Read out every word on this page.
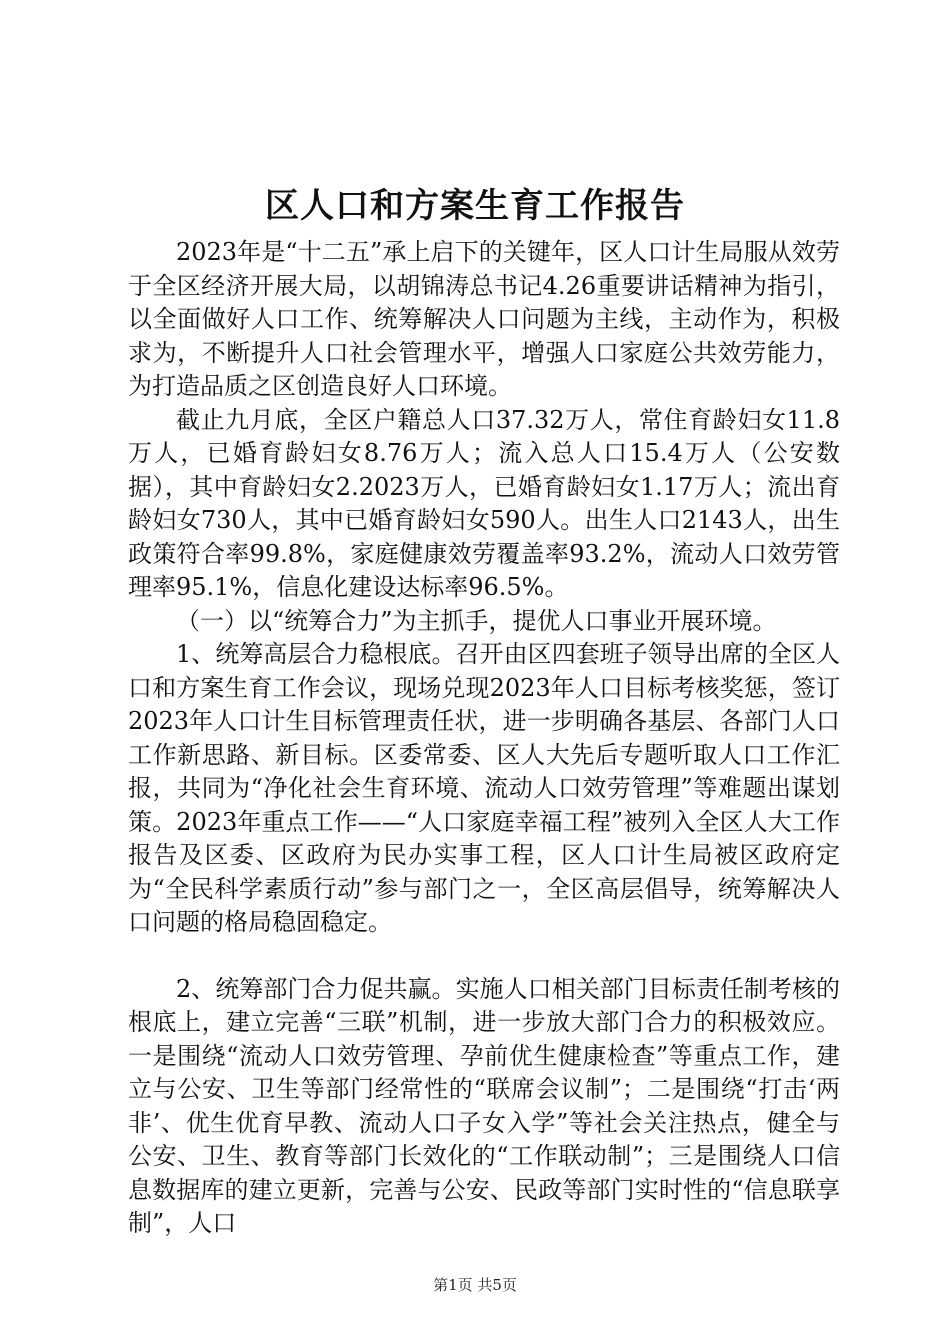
区人口和方案生育工作报告

2023年是“十二五”承上启下的关键年，区人口计生局服从效劳于全区经济开展大局，以胡锦涛总书记4.26重要讲话精神为指引，以全面做好人口工作、统筹解决人口问题为主线，主动作为，积极求为，不断提升人口社会管理水平，增强人口家庭公共效劳能力，为打造品质之区创造良好人口环境。

截止九月底，全区户籍总人口37.32万人，常住育龄妇女11.8万人，已婚育龄妇女8.76万人；流入总人口15.4万人（公安数据），其中育龄妇女2.2023万人，已婚育龄妇女1.17万人；流出育龄妇女730人，其中已婚育龄妇女590人。出生人口2143人，出生政策符合率99.8%，家庭健康效劳覆盖率93.2%，流动人口效劳管理率95.1%，信息化建设达标率96.5%。

（一）以“统筹合力”为主抓手，提优人口事业开展环境。

1、统筹高层合力稳根底。召开由区四套班子领导出席的全区人口和方案生育工作会议，现场兑现2023年人口目标考核奖惩，签订2023年人口计生目标管理责任状，进一步明确各基层、各部门人口工作新思路、新目标。区委常委、区人大先后专题听取人口工作汇报，共同为“净化社会生育环境、流动人口效劳管理”等难题出谋划策。2023年重点工作——“人口家庭幸福工程”被列入全区人大工作报告及区委、区政府为民办实事工程，区人口计生局被区政府定为“全民科学素质行动”参与部门之一，全区高层倡导，统筹解决人口问题的格局稳固稳定。

2、统筹部门合力促共赢。实施人口相关部门目标责任制考核的根底上，建立完善“三联”机制，进一步放大部门合力的积极效应。一是围绕“流动人口效劳管理、孕前优生健康检查”等重点工作，建立与公安、卫生等部门经常性的“联席会议制”；二是围绕“打击‘两非’、优生优育早教、流动人口子女入学”等社会关注热点，健全与公安、卫生、教育等部门长效化的“工作联动制”；三是围绕人口信息数据库的建立更新，完善与公安、民政等部门实时性的“信息联享制”，人口

第1页 共5页
